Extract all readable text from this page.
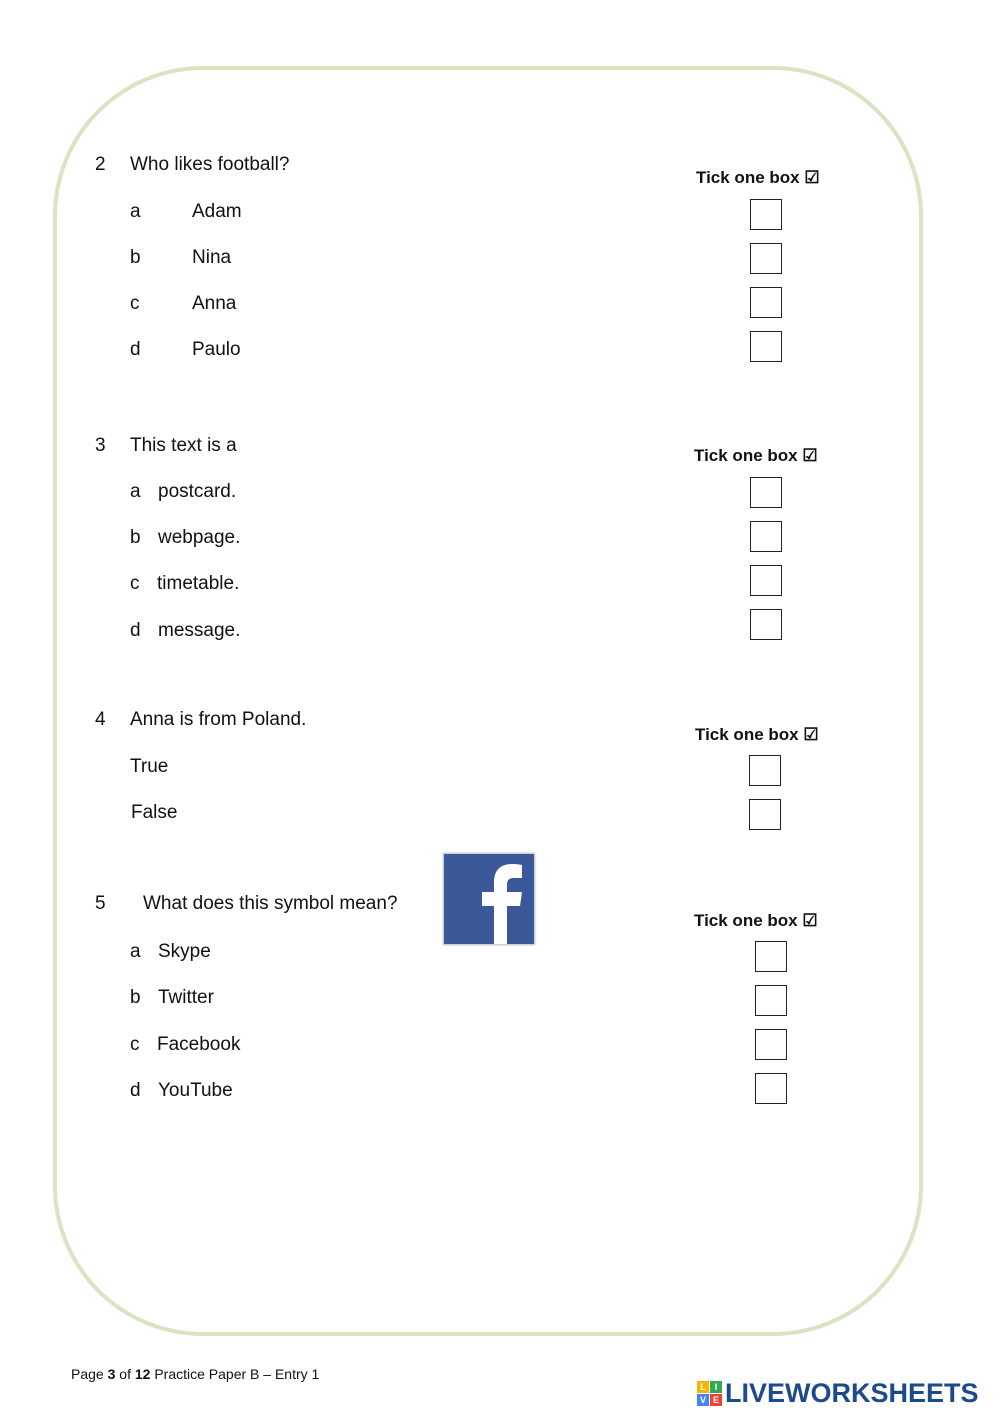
2 Who likes football?
Tick one box ☑
a	Adam
b	Nina
c	Anna
d	Paulo
3 This text is a	Tick one box ☑
a postcard.
b webpage.
c timetable.
d message.
4 Anna is from Poland.
Tick one box ☑
True
False
5 What does this symbol mean?
Tick one box ☑
a Skype
b Twitter
c Facebook
d YouTube
Page 3 of 12 Practice Paper B – Entry 1
L I
V E LIVEWORKSHEETS
